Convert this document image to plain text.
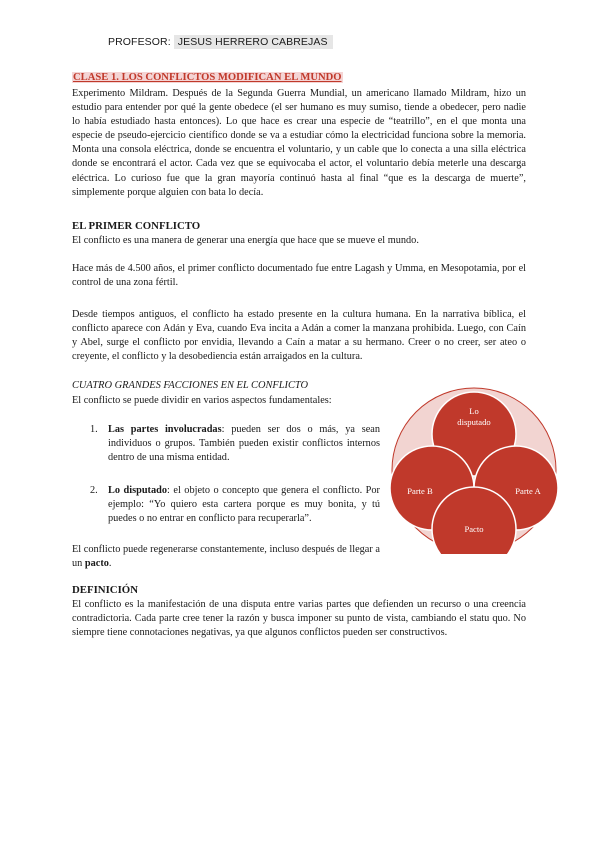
PROFESOR: JESUS HERRERO CABREJAS

CLASE 1. LOS CONFLICTOS MODIFICAN EL MUNDO

Experimento Mildram. Después de la Segunda Guerra Mundial, un americano llamado Mildram, hizo un estudio para entender por qué la gente obedece (el ser humano es muy sumiso, tiende a obedecer, pero nadie lo había estudiado hasta entonces). Lo que hace es crear una especie de “teatrillo”, en el que monta una especie de pseudo-ejercicio científico donde se va a estudiar cómo la electricidad funciona sobre la memoria. Monta una consola eléctrica, donde se encuentra el voluntario, y un cable que lo conecta a una silla eléctrica donde se encontrará el actor. Cada vez que se equivocaba el actor, el voluntario debía meterle una descarga eléctrica. Lo curioso fue que la gran mayoría continuó hasta al final “que es la descarga de muerte”, simplemente porque alguien con bata lo decía.

EL PRIMER CONFLICTO

El conflicto es una manera de generar una energía que hace que se mueve el mundo.

Hace más de 4.500 años, el primer conflicto documentado fue entre Lagash y Umma, en Mesopotamia, por el control de una zona fértil.

Desde tiempos antiguos, el conflicto ha estado presente en la cultura humana. En la narrativa bíblica, el conflicto aparece con Adán y Eva, cuando Eva incita a Adán a comer la manzana prohibida. Luego, con Caín y Abel, surge el conflicto por envidia, llevando a Caín a matar a su hermano. Creer o no creer, ser ateo o creyente, el conflicto y la desobediencia están arraigados en la cultura.

CUATRO GRANDES FACCIONES EN EL CONFLICTO

El conflicto se puede dividir en varios aspectos fundamentales:

1. Las partes involucradas: pueden ser dos o más, ya sean individuos o grupos. También pueden existir conflictos internos dentro de una misma entidad.
2. Lo disputado: el objeto o concepto que genera el conflicto. Por ejemplo: “Yo quiero esta cartera porque es muy bonita, y tú puedes o no entrar en conflicto para recuperarla”.

El conflicto puede regenerarse constantemente, incluso después de llegar a un pacto.

Lo
disputado
Parte B	Parte A
Pacto
DEFINICIÓN

El conflicto es la manifestación de una disputa entre varias partes que defienden un recurso o una creencia contradictoria. Cada parte cree tener la razón y busca imponer su punto de vista, cambiando el statu quo. No siempre tiene connotaciones negativas, ya que algunos conflictos pueden ser constructivos.
